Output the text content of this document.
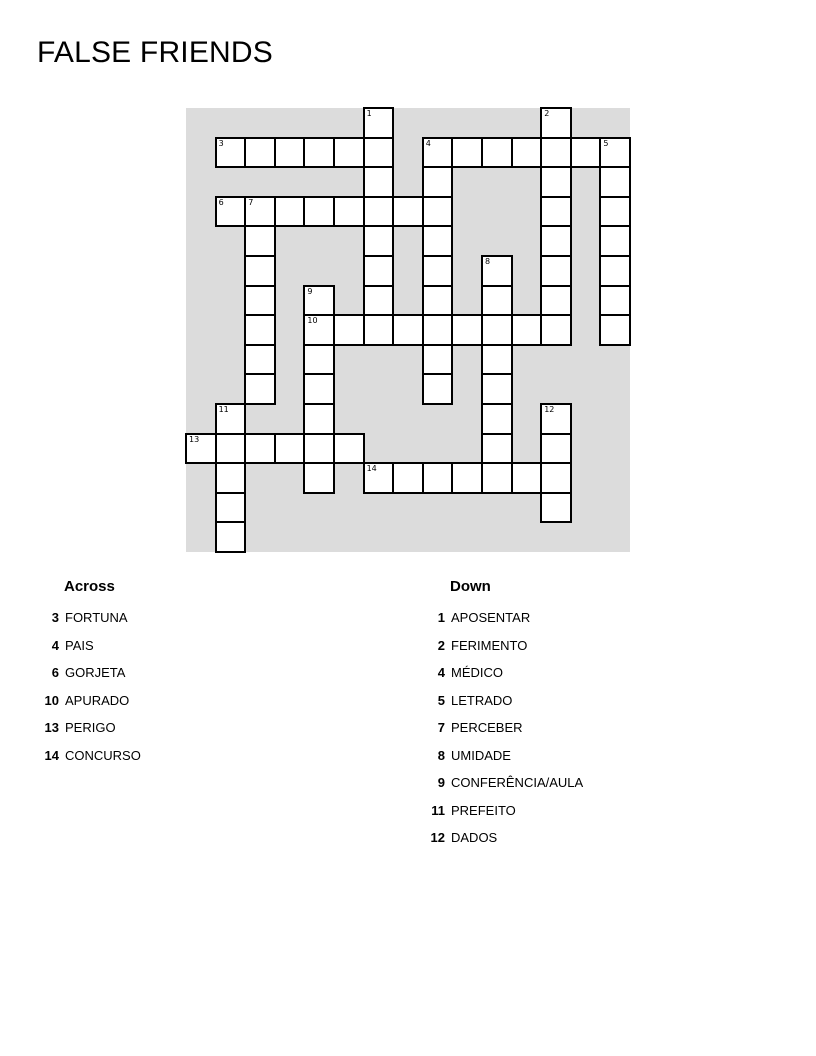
FALSE FRIENDS
3	4	5
6	7
10
13
14
1	2
8
9
11	12
Across
3 FORTUNA
4 PAIS
6 GORJETA
10 APURADO
13 PERIGO
14 CONCURSO
Down
1 APOSENTAR
2 FERIMENTO
4 MÉDICO
5 LETRADO
7 PERCEBER
8 UMIDADE
9 CONFERÊNCIA/AULA
11 PREFEITO
12 DADOS
